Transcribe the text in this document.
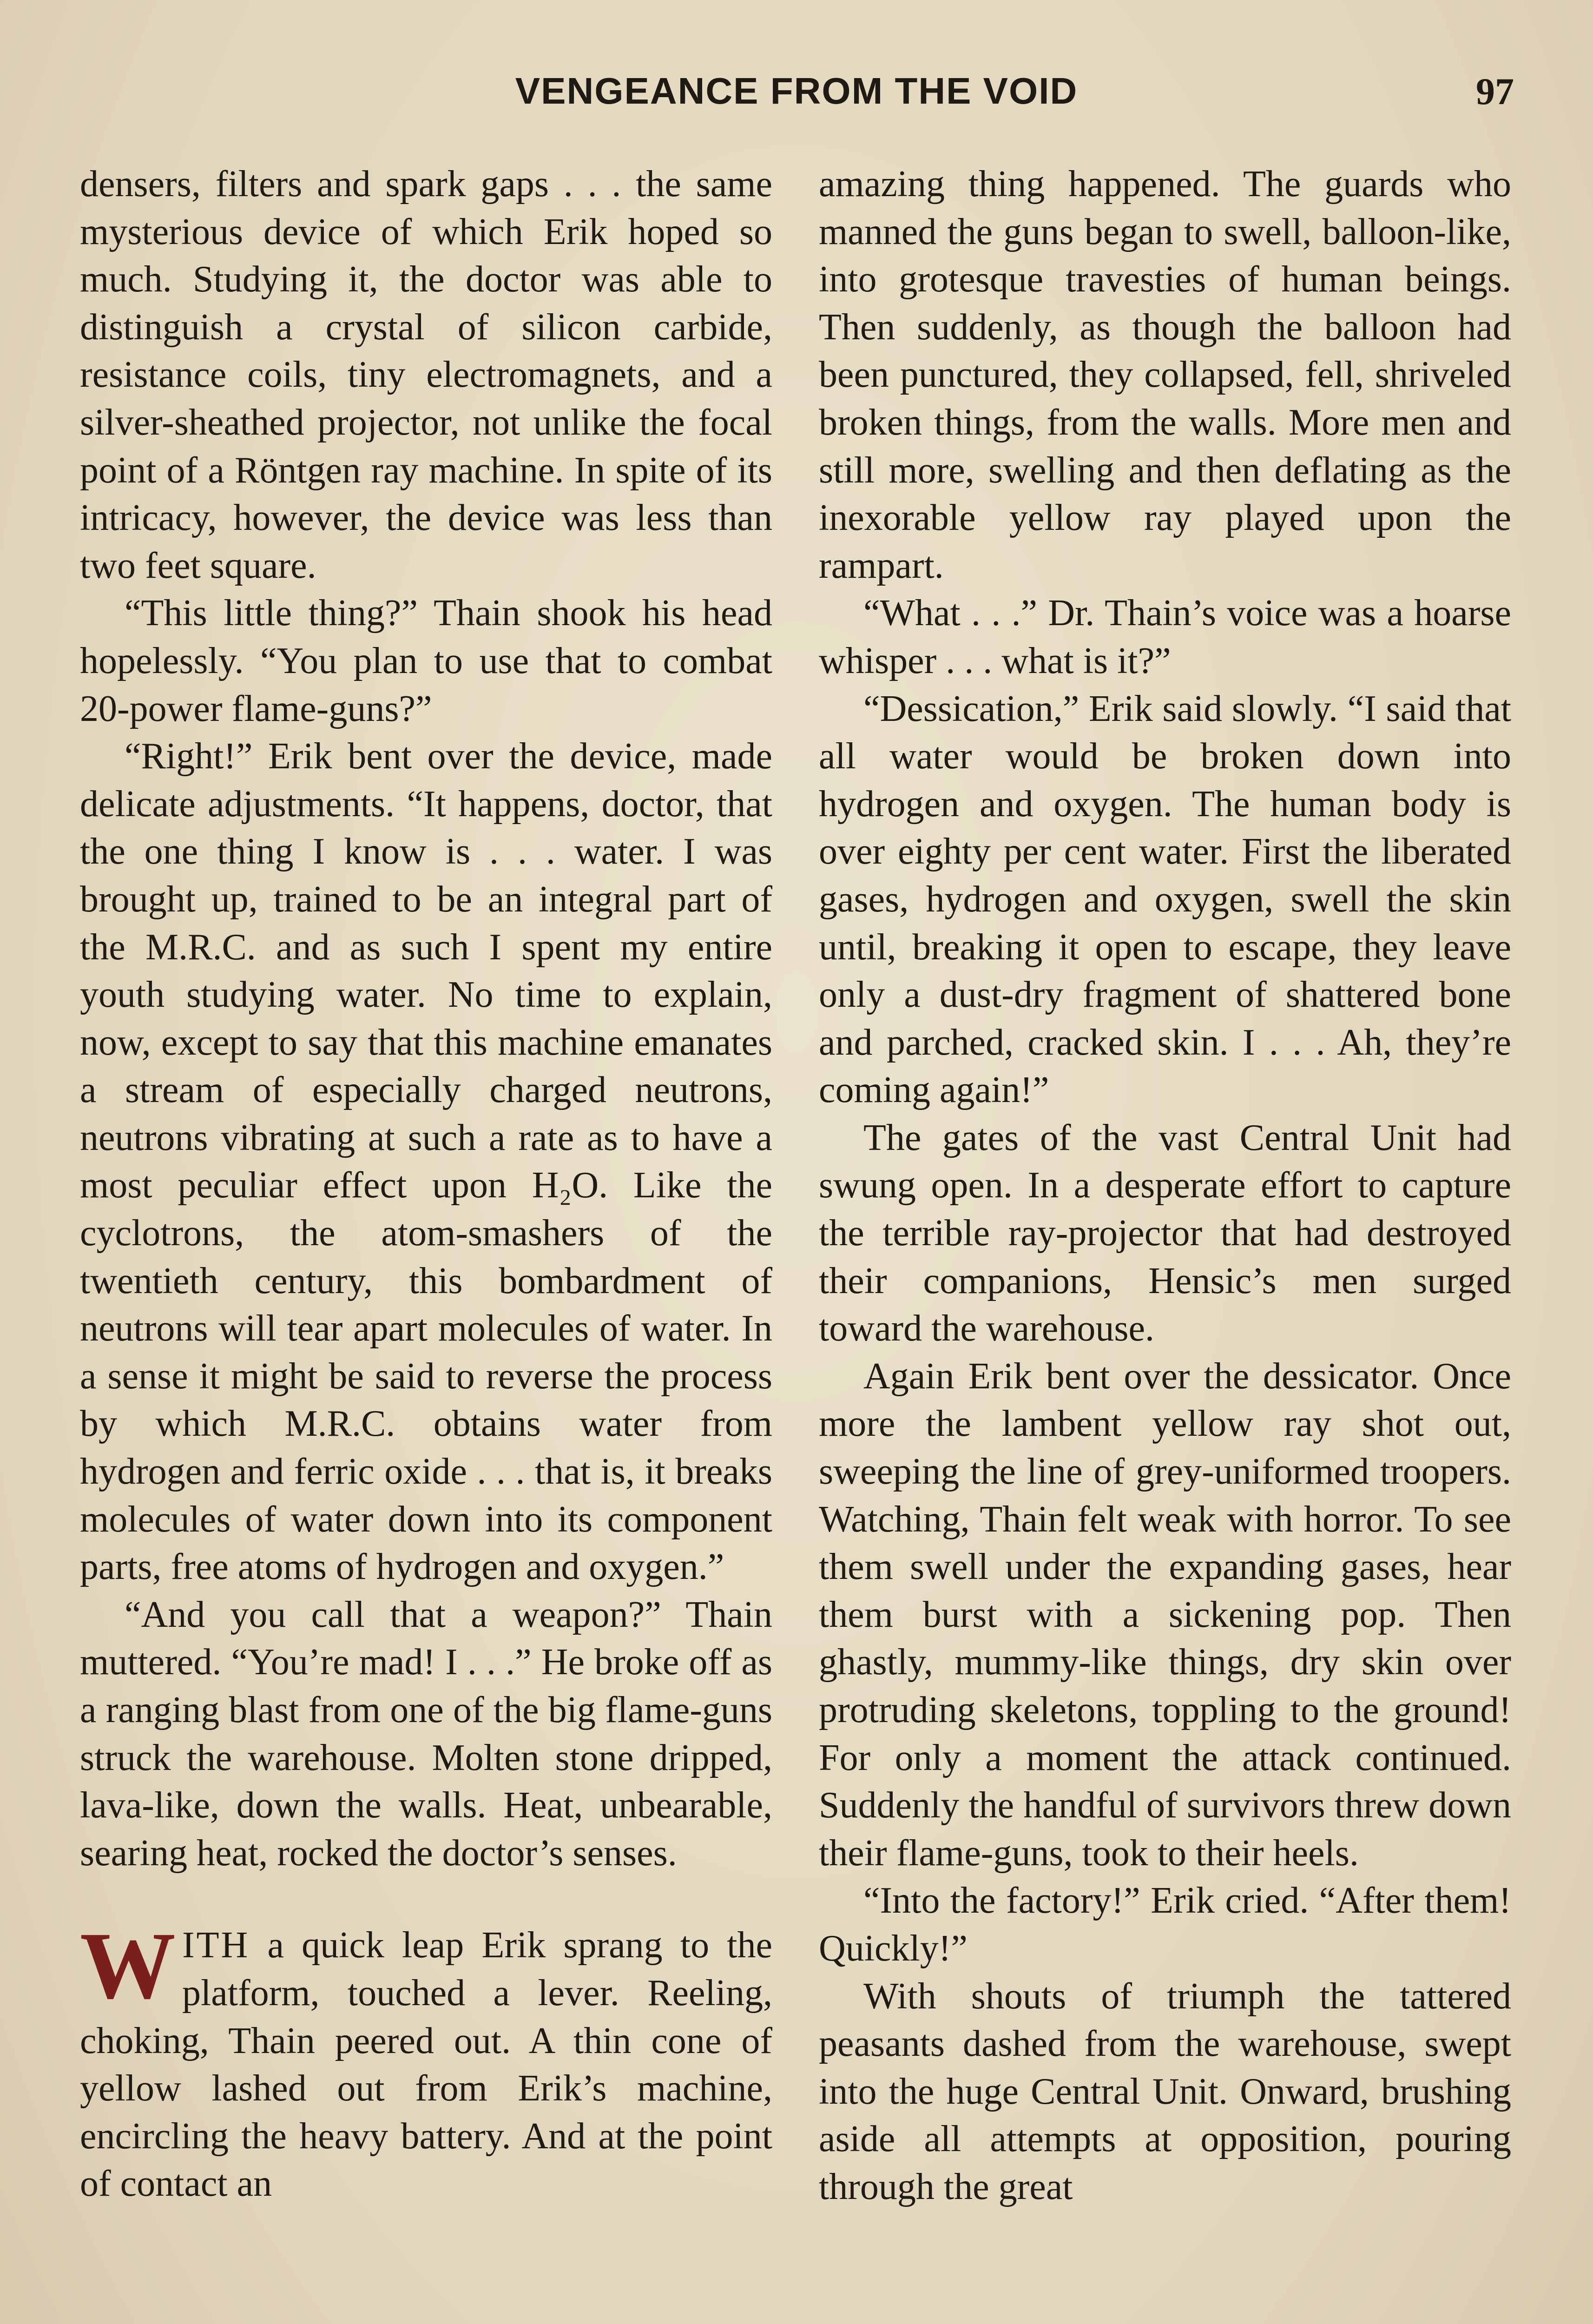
VENGEANCE FROM THE VOID	97

densers, filters and spark gaps . . . the same mysterious device of which Erik hoped so much. Studying it, the doctor was able to distinguish a crystal of silicon carbide, resistance coils, tiny electromagnets, and a silver-sheathed projector, not unlike the focal point of a Röntgen ray machine. In spite of its intricacy, however, the device was less than two feet square.

“This little thing?” Thain shook his head hopelessly. “You plan to use that to combat 20-power flame-guns?”

“Right!” Erik bent over the device, made delicate adjustments. “It happens, doctor, that the one thing I know is . . . water. I was brought up, trained to be an integral part of the M.R.C. and as such I spent my entire youth studying water. No time to explain, now, except to say that this machine emanates a stream of especially charged neutrons, neutrons vibrating at such a rate as to have a most peculiar effect upon H₂O. Like the cyclotrons, the atom-smashers of the twentieth century, this bombardment of neutrons will tear apart molecules of water. In a sense it might be said to reverse the process by which M.R.C. obtains water from hydrogen and ferric oxide . . . that is, it breaks molecules of water down into its component parts, free atoms of hydrogen and oxygen.”

“And you call that a weapon?” Thain muttered. “You’re mad! I . . .” He broke off as a ranging blast from one of the big flame-guns struck the warehouse. Molten stone dripped, lava-like, down the walls. Heat, unbearable, searing heat, rocked the doctor’s senses.

WITH a quick leap Erik sprang to the platform, touched a lever. Reeling, choking, Thain peered out. A thin cone of yellow lashed out from Erik’s machine, encircling the heavy battery. And at the point of contact an

amazing thing happened. The guards who manned the guns began to swell, balloon-like, into grotesque travesties of human beings. Then suddenly, as though the balloon had been punctured, they collapsed, fell, shriveled broken things, from the walls. More men and still more, swelling and then deflating as the inexorable yellow ray played upon the rampart.

“What . . .” Dr. Thain’s voice was a hoarse whisper . . . what is it?”

“Dessication,” Erik said slowly. “I said that all water would be broken down into hydrogen and oxygen. The human body is over eighty per cent water. First the liberated gases, hydrogen and oxygen, swell the skin until, breaking it open to escape, they leave only a dust-dry fragment of shattered bone and parched, cracked skin. I . . . Ah, they’re coming again!”

The gates of the vast Central Unit had swung open. In a desperate effort to capture the terrible ray-projector that had destroyed their companions, Hensic’s men surged toward the warehouse.

Again Erik bent over the dessicator. Once more the lambent yellow ray shot out, sweeping the line of grey-uniformed troopers. Watching, Thain felt weak with horror. To see them swell under the expanding gases, hear them burst with a sickening pop. Then ghastly, mummy-like things, dry skin over protruding skeletons, toppling to the ground! For only a moment the attack continued. Suddenly the handful of survivors threw down their flame-guns, took to their heels.

“Into the factory!” Erik cried. “After them! Quickly!”

With shouts of triumph the tattered peasants dashed from the warehouse, swept into the huge Central Unit. Onward, brushing aside all attempts at opposition, pouring through the great
